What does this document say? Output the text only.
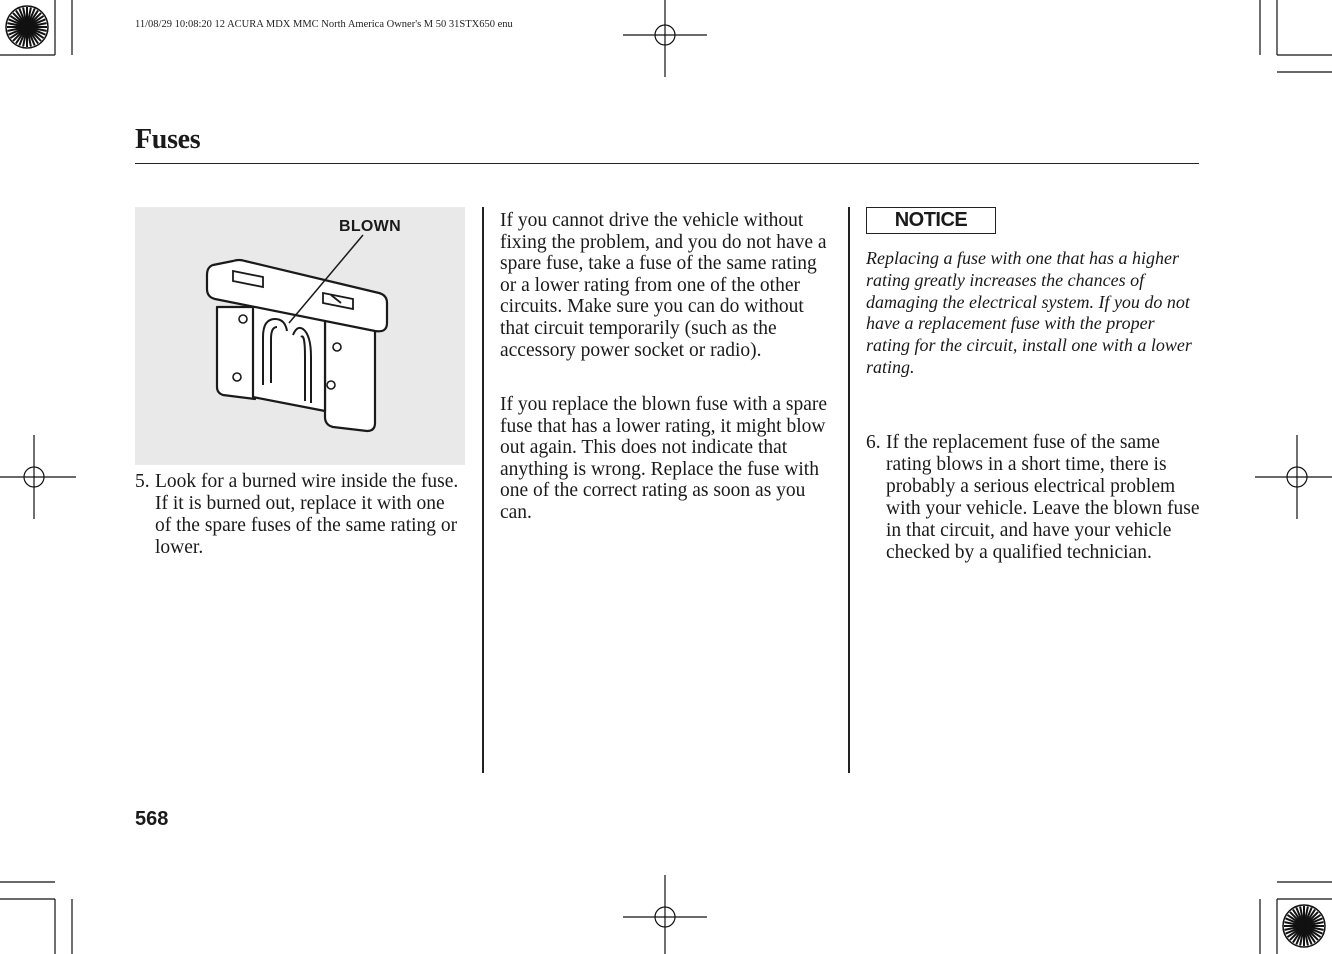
11/08/29 10:08:20 12 ACURA MDX MMC North America Owner's M 50 31STX650 enu
Fuses
BLOWN
5. Look for a burned wire inside the fuse. If it is burned out, replace it with one of the spare fuses of the same rating or lower.
If you cannot drive the vehicle without fixing the problem, and you do not have a spare fuse, take a fuse of the same rating or a lower rating from one of the other circuits. Make sure you can do without that circuit temporarily (such as the accessory power socket or radio).
If you replace the blown fuse with a spare fuse that has a lower rating, it might blow out again. This does not indicate that anything is wrong. Replace the fuse with one of the correct rating as soon as you can.
NOTICE
Replacing a fuse with one that has a higher rating greatly increases the chances of damaging the electrical system. If you do not have a replacement fuse with the proper rating for the circuit, install one with a lower rating.
6. If the replacement fuse of the same rating blows in a short time, there is probably a serious electrical problem with your vehicle. Leave the blown fuse in that circuit, and have your vehicle checked by a qualified technician.
568
